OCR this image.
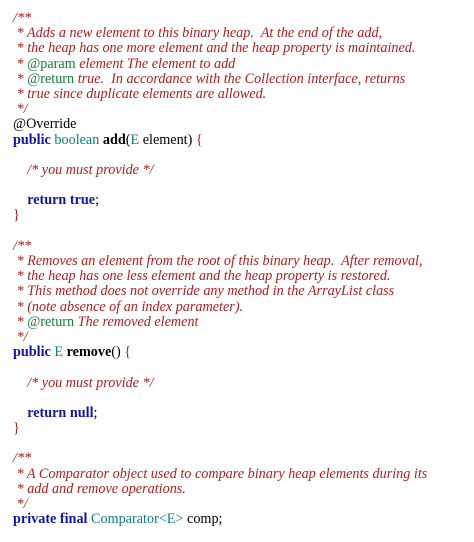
/**
* Adds a new element to this binary heap.  At the end of the add,
* the heap has one more element and the heap property is maintained.
* @param element The element to add
* @return true.  In accordance with the Collection interface, returns
* true since duplicate elements are allowed.
*/
@Override
public boolean add(E element) {
/* you must provide */
return true;
}
/**
* Removes an element from the root of this binary heap.  After removal,
* the heap has one less element and the heap property is restored.
* This method does not override any method in the ArrayList class
* (note absence of an index parameter).
* @return The removed element
*/
public E remove() {
/* you must provide */
return null;
}
/**
* A Comparator object used to compare binary heap elements during its
* add and remove operations.
*/
private final Comparator<E> comp;
